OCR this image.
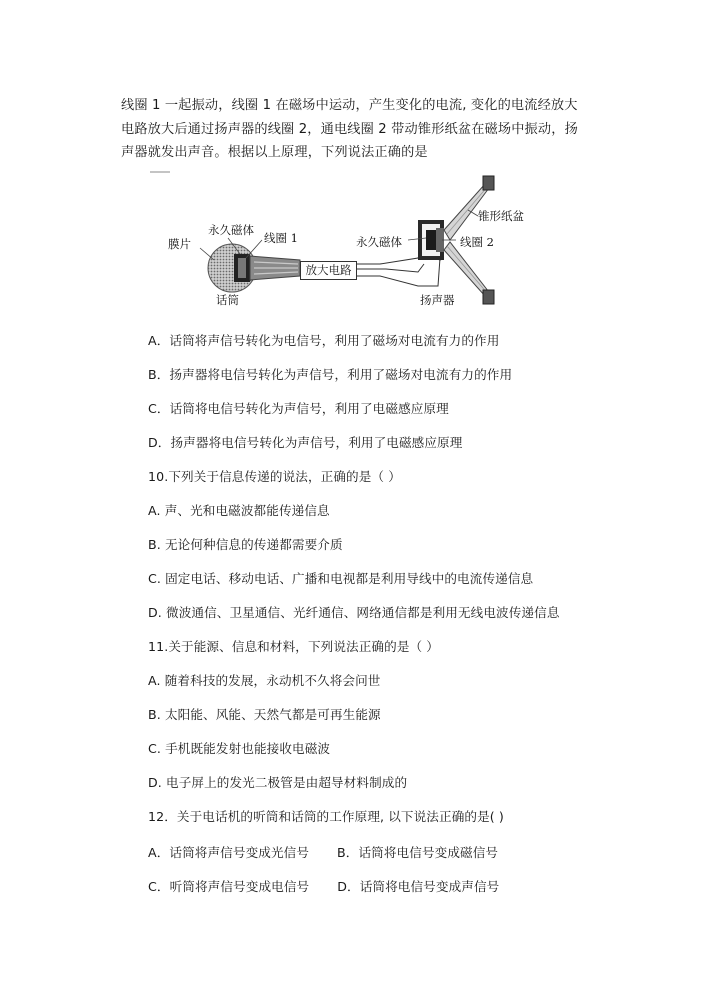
线圈 1 一起振动，线圈 1 在磁场中运动，产生变化的电流, 变化的电流经放大
电路放大后通过扬声器的线圈 2，通电线圈 2 带动锥形纸盆在磁场中振动，扬
声器就发出声音。根据以上原理，下列说法正确的是
膜片
永久磁体
线圈 1
话筒
放大电路
永久磁体
锥形纸盆
线圈 2
扬声器
A．话筒将声信号转化为电信号，利用了磁场对电流有力的作用
B．扬声器将电信号转化为声信号，利用了磁场对电流有力的作用
C．话筒将电信号转化为声信号，利用了电磁感应原理
D．扬声器将电信号转化为声信号，利用了电磁感应原理
10.下列关于信息传递的说法，正确的是（ ）
A. 声、光和电磁波都能传递信息
B. 无论何种信息的传递都需要介质
C. 固定电话、移动电话、广播和电视都是利用导线中的电流传递信息
D. 微波通信、卫星通信、光纤通信、网络通信都是利用无线电波传递信息
11.关于能源、信息和材料，下列说法正确的是（ ）
A. 随着科技的发展，永动机不久将会问世
B. 太阳能、风能、天然气都是可再生能源
C. 手机既能发射也能接收电磁波
D. 电子屏上的发光二极管是由超导材料制成的
12．关于电话机的听筒和话筒的工作原理, 以下说法正确的是( )
A．话筒将声信号变成光信号 B．话筒将电信号变成磁信号
C．听筒将声信号变成电信号 D．话筒将电信号变成声信号
